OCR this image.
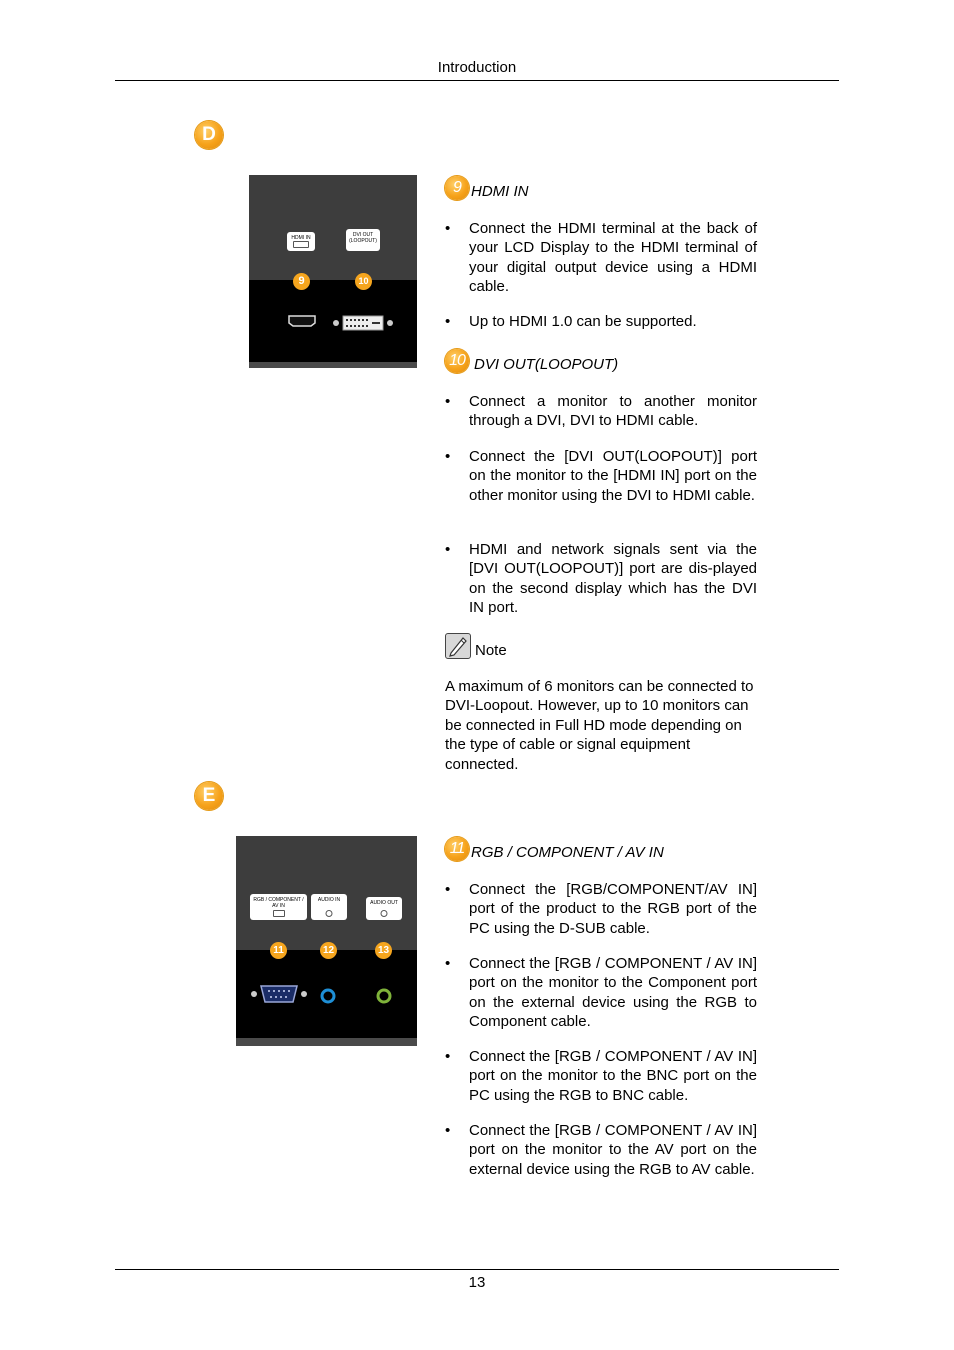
Introduction
D
HDMI IN	DVI OUT (LOOPOUT)
9	10
9 HDMI IN
• Connect the HDMI terminal at the back of your LCD Display to the HDMI terminal of your digital output device using a HDMI cable.
• Up to HDMI 1.0 can be supported.
10 DVI OUT(LOOPOUT)
• Connect a monitor to another monitor through a DVI, DVI to HDMI cable.
• Connect the [DVI OUT(LOOPOUT)] port on the monitor to the [HDMI IN] port on the other monitor using the DVI to HDMI cable.
• HDMI and network signals sent via the [DVI OUT(LOOPOUT)] port are dis-played on the second display which has the DVI IN port.
Note
A maximum of 6 monitors can be connected to DVI-Loopout. However, up to 10 monitors can be connected in Full HD mode depending on the type of cable or signal equipment connected.
E
RGB / COMPONENT / AV IN
AUDIO IN	AUDIO OUT
11	12	13
11 RGB / COMPONENT / AV IN
• Connect the [RGB/COMPONENT/AV IN] port of the product to the RGB port of the PC using the D-SUB cable.
• Connect the [RGB / COMPONENT / AV IN] port on the monitor to the Component port on the external device using the RGB to Component cable.
• Connect the [RGB / COMPONENT / AV IN] port on the monitor to the BNC port on the PC using the RGB to BNC cable.
• Connect the [RGB / COMPONENT / AV IN] port on the monitor to the AV port on the external device using the RGB to AV cable.
13
